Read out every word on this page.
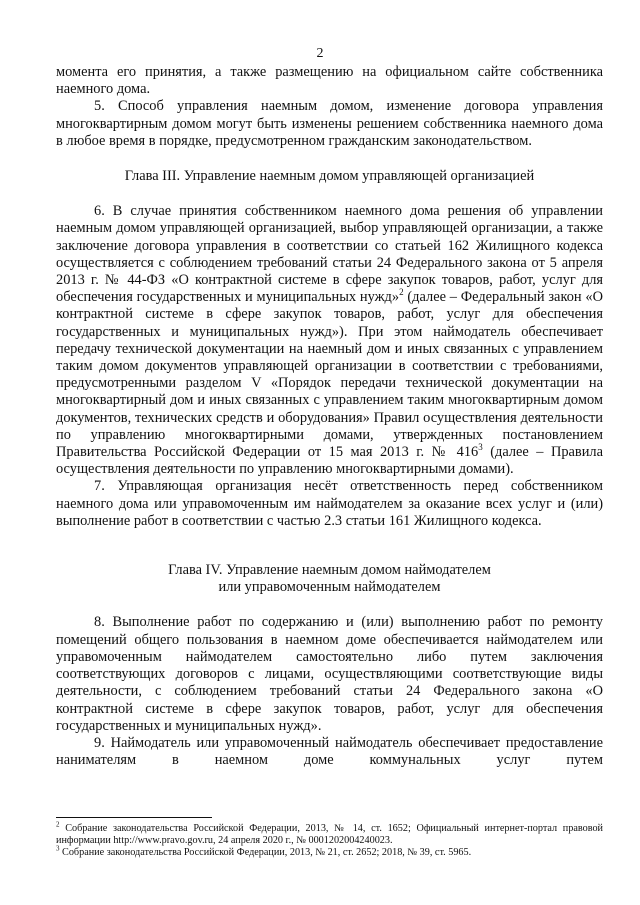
2

момента его принятия, а также размещению на официальном сайте собственника наемного дома.

5. Способ управления наемным домом, изменение договора управления многоквартирным домом могут быть изменены решением собственника наемного дома в любое время в порядке, предусмотренном гражданским законодательством.

Глава III. Управление наемным домом управляющей организацией

6. В случае принятия собственником наемного дома решения об управлении наемным домом управляющей организацией, выбор управляющей организации, а также заключение договора управления в соответствии со статьей 162 Жилищного кодекса осуществляется с соблюдением требований статьи 24 Федерального закона от 5 апреля 2013 г. № 44-ФЗ «О контрактной системе в сфере закупок товаров, работ, услуг для обеспечения государственных и муниципальных нужд»$^2$ (далее – Федеральный закон «О контрактной системе в сфере закупок товаров, работ, услуг для обеспечения государственных и муниципальных нужд»). При этом наймодатель обеспечивает передачу технической документации на наемный дом и иных связанных с управлением таким домом документов управляющей организации в соответствии с требованиями, предусмотренными разделом V «Порядок передачи технической документации на многоквартирный дом и иных связанных с управлением таким многоквартирным домом документов, технических средств и оборудования» Правил осуществления деятельности по управлению многоквартирными домами, утвержденных постановлением Правительства Российской Федерации от 15 мая 2013 г. № $416^3$ (далее – Правила осуществления деятельности по управлению многоквартирными домами).

7. Управляющая организация несёт ответственность перед собственником наемного дома или управомоченным им наймодателем за оказание всех услуг и (или) выполнение работ в соответствии с частью 2.3 статьи 161 Жилищного кодекса.

Глава IV. Управление наемным домом наймодателем

или управомоченным наймодателем

8. Выполнение работ по содержанию и (или) выполнению работ по ремонту помещений общего пользования в наемном доме обеспечивается наймодателем или управомоченным наймодателем самостоятельно либо путем заключения соответствующих договоров с лицами, осуществляющими соответствующие виды деятельности, с соблюдением требований статьи 24 Федерального закона «О контрактной системе в сфере закупок товаров, работ, услуг для обеспечения государственных и муниципальных нужд».

9. Наймодатель или управомоченный наймодатель обеспечивает предоставление нанимателям в наемном доме коммунальных услуг путем

$^2$ Собрание законодательства Российской Федерации, 2013, № 14, ст. 1652; Официальный интернет-портал правовой информации http://www.pravo.gov.ru, 24 апреля 2020 г., № 0001202004240023.

$^3$ Собрание законодательства Российской Федерации, 2013, № 21, ст. 2652; 2018, № 39, ст. 5965.
